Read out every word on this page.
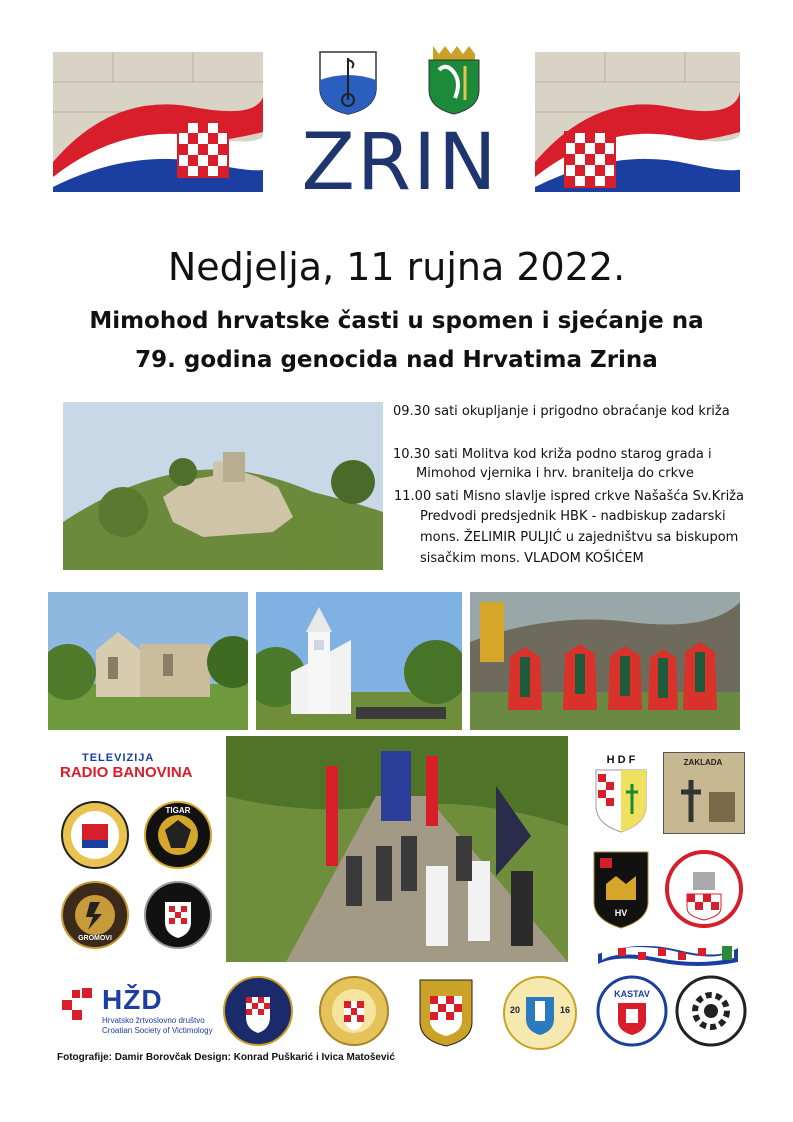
ZRIN
Nedjelja, 11 rujna 2022.
Mimohod hrvatske časti u spomen i sjećanje na
79. godina genocida nad Hrvatima Zrina
09.30 sati okupljanje i prigodno obraćanje kod križa
10.30 sati Molitva kod križa podno starog grada i
Mimohod vjernika i hrv. branitelja do crkve
11.00 sati Misno slavlje ispred crkve Našašća Sv.Križa
Predvodi predsjednik HBK - nadbiskup zadarski
mons. ŽELIMIR PULJIĆ u zajedništvu sa biskupom
sisačkim mons. VLADOM KOŠIĆEM
TELEVIZIJA
RADIO BANOVINA
TIGAR
GROMOVI
H D F	ZAKLADA
HV
HŽD
Hrvatsko žrtvoslovno društvo
Croatian Society of Victimology
20	16
KASTAV
Fotografije: Damir Borovčak Design: Konrad Puškarić i Ivica Matošević
